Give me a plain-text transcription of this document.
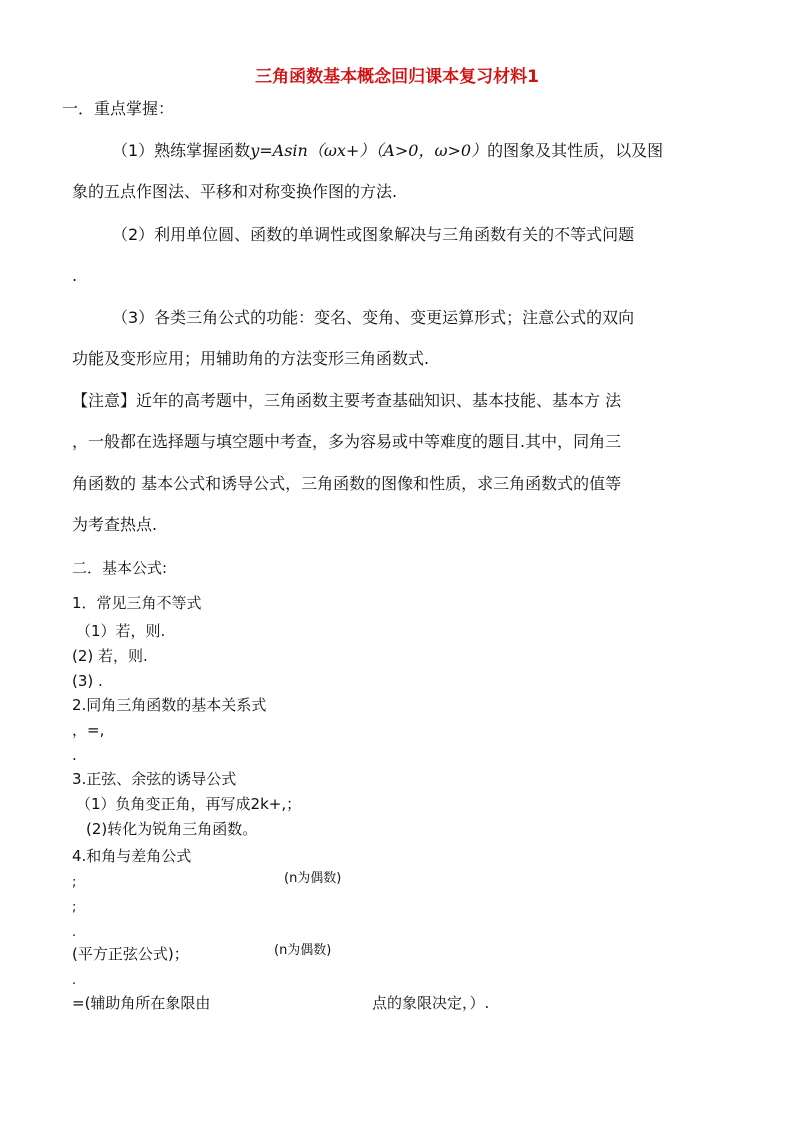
三角函数基本概念回归课本复习材料1
一．重点掌握：
（1）熟练掌握函数y=Asin（ωx+）（A>0，ω>0）的图象及其性质，以及图
象的五点作图法、平移和对称变换作图的方法.
（2）利用单位圆、函数的单调性或图象解决与三角函数有关的不等式问题
.
（3）各类三角公式的功能：变名、变角、变更运算形式；注意公式的双向
功能及变形应用；用辅助角的方法变形三角函数式.
【注意】近年的高考题中，三角函数主要考查基础知识、基本技能、基本方 法
，一般都在选择题与填空题中考查，多为容易或中等难度的题目.其中，同角三
角函数的 基本公式和诱导公式，三角函数的图像和性质，求三角函数式的值等
为考查热点.
二．基本公式:
1．常见三角不等式
（1）若，则.
(2) 若，则.
(3) .
2.同角三角函数的基本关系式
，=,
.
3.正弦、余弦的诱导公式
（1）负角变正角，再写成2k+,；
(2)转化为锐角三角函数。
4.和角与差角公式
;	(n为偶数)
;
.
(平方正弦公式)；	(n为偶数)
.
=(辅助角所在象限由	点的象限决定，）.
